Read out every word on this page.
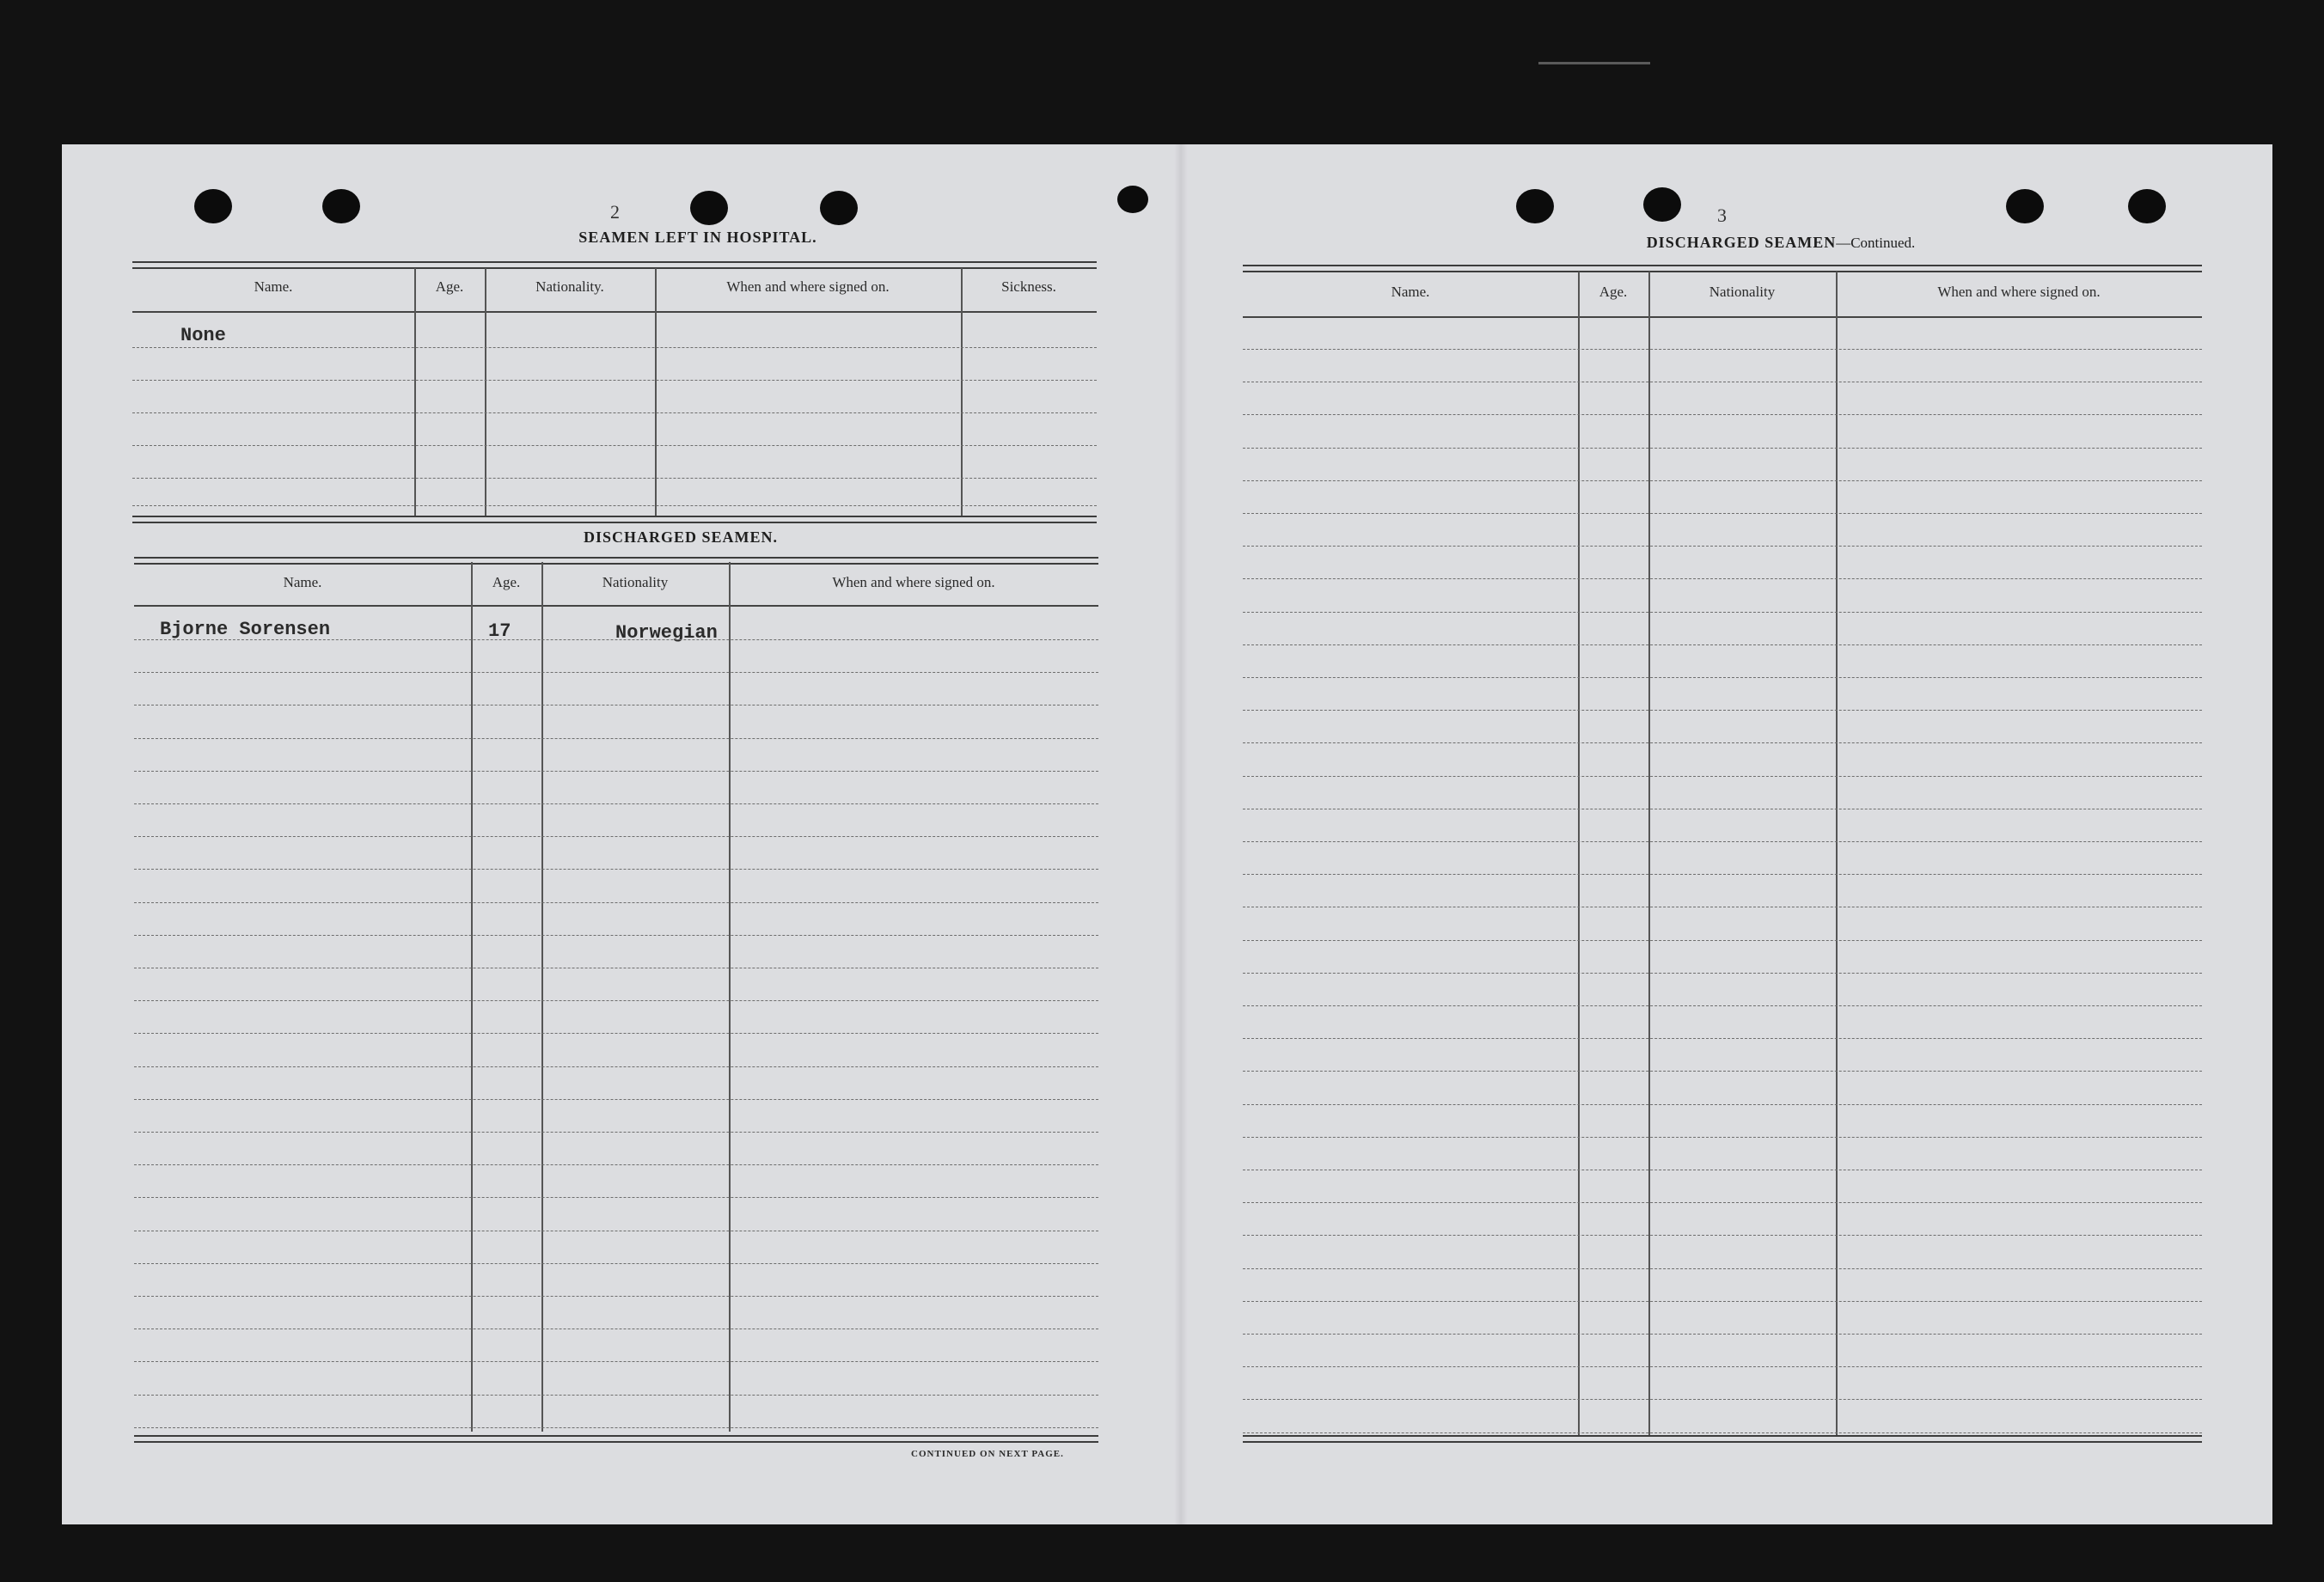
2
SEAMEN LEFT IN HOSPITAL.
Name.	Age.	Nationality.	When and where signed on.	Sickness.
None
DISCHARGED SEAMEN.
Name.	Age.	Nationality	When and where signed on.
Bjorne Sorensen	17	Norwegian
CONTINUED ON NEXT PAGE.
3
DISCHARGED SEAMEN—Continued.
Name.	Age.	Nationality	When and where signed on.
